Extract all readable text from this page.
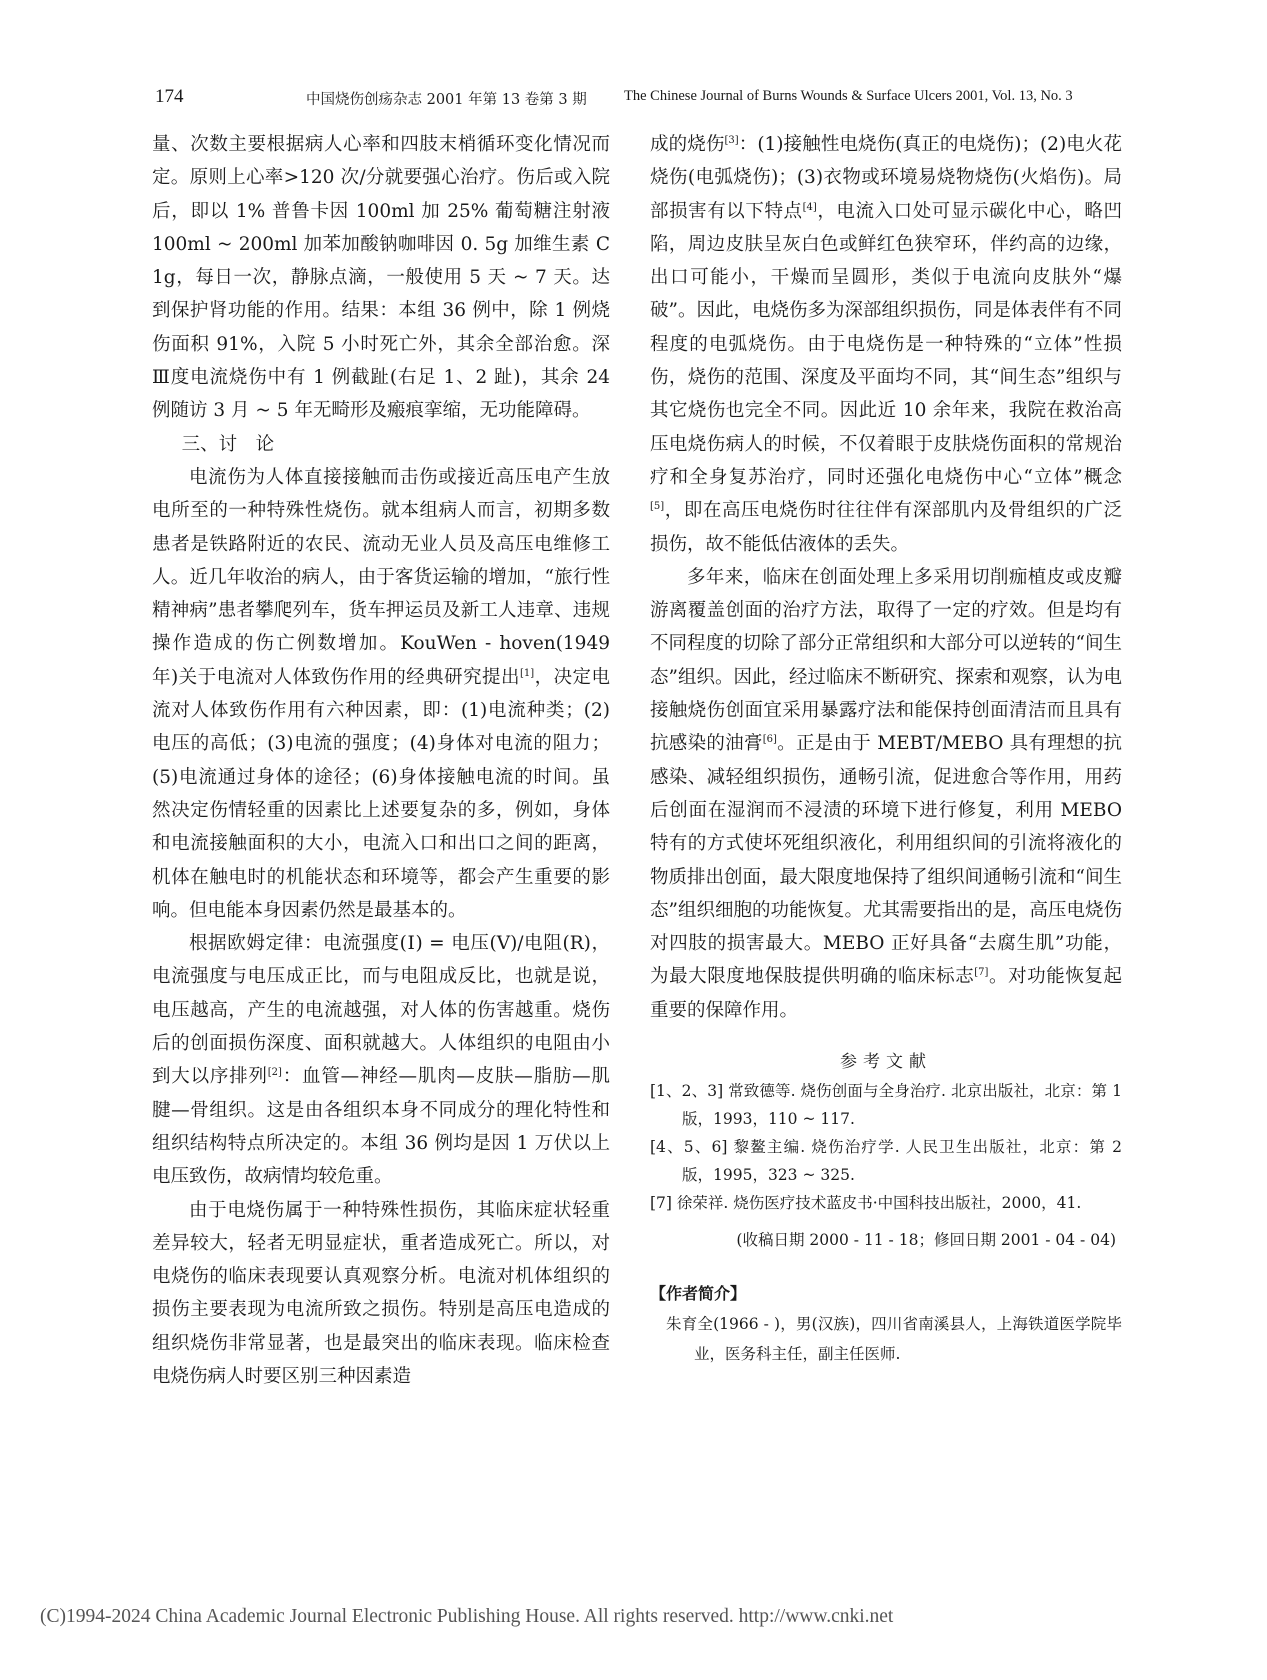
174	中国烧伤创疡杂志 2001 年第 13 卷第 3 期	The Chinese Journal of Burns Wounds & Surface Ulcers 2001, Vol. 13, No. 3

量、次数主要根据病人心率和四肢末梢循环变化情况而定。原则上心率>120 次/分就要强心治疗。伤后或入院后，即以 1% 普鲁卡因 100ml 加 25% 葡萄糖注射液 100ml ~ 200ml 加苯加酸钠咖啡因 0. 5g 加维生素 C 1g，每日一次，静脉点滴，一般使用 5 天 ~ 7 天。达到保护肾功能的作用。结果：本组 36 例中，除 1 例烧伤面积 91%，入院 5 小时死亡外，其余全部治愈。深Ⅲ度电流烧伤中有 1 例截趾(右足 1、2 趾)，其余 24 例随访 3 月 ~ 5 年无畸形及瘢痕挛缩，无功能障碍。

三、讨　论

电流伤为人体直接接触而击伤或接近高压电产生放电所至的一种特殊性烧伤。就本组病人而言，初期多数患者是铁路附近的农民、流动无业人员及高压电维修工人。近几年收治的病人，由于客货运输的增加，“旅行性精神病”患者攀爬列车，货车押运员及新工人违章、违规操作造成的伤亡例数增加。KouWen - hoven(1949 年)关于电流对人体致伤作用的经典研究提出[1]，决定电流对人体致伤作用有六种因素，即：(1)电流种类；(2)电压的高低；(3)电流的强度；(4)身体对电流的阻力；(5)电流通过身体的途径；(6)身体接触电流的时间。虽然决定伤情轻重的因素比上述要复杂的多，例如，身体和电流接触面积的大小，电流入口和出口之间的距离，机体在触电时的机能状态和环境等，都会产生重要的影响。但电能本身因素仍然是最基本的。

根据欧姆定律：电流强度(Ⅰ) = 电压(V)/电阻(R)，电流强度与电压成正比，而与电阻成反比，也就是说，电压越高，产生的电流越强，对人体的伤害越重。烧伤后的创面损伤深度、面积就越大。人体组织的电阻由小到大以序排列[2]：血管—神经—肌肉—皮肤—脂肪—肌腱—骨组织。这是由各组织本身不同成分的理化特性和组织结构特点所决定的。本组 36 例均是因 1 万伏以上电压致伤，故病情均较危重。

由于电烧伤属于一种特殊性损伤，其临床症状轻重差异较大，轻者无明显症状，重者造成死亡。所以，对电烧伤的临床表现要认真观察分析。电流对机体组织的损伤主要表现为电流所致之损伤。特别是高压电造成的组织烧伤非常显著，也是最突出的临床表现。临床检查电烧伤病人时要区别三种因素造

成的烧伤[3]：(1)接触性电烧伤(真正的电烧伤)；(2)电火花烧伤(电弧烧伤)；(3)衣物或环境易烧物烧伤(火焰伤)。局部损害有以下特点[4]，电流入口处可显示碳化中心，略凹陷，周边皮肤呈灰白色或鲜红色狭窄环，伴约高的边缘，出口可能小，干燥而呈圆形，类似于电流向皮肤外“爆破”。因此，电烧伤多为深部组织损伤，同是体表伴有不同程度的电弧烧伤。由于电烧伤是一种特殊的“立体”性损伤，烧伤的范围、深度及平面均不同，其“间生态”组织与其它烧伤也完全不同。因此近 10 余年来，我院在救治高压电烧伤病人的时候，不仅着眼于皮肤烧伤面积的常规治疗和全身复苏治疗，同时还强化电烧伤中心“立体”概念[5]，即在高压电烧伤时往往伴有深部肌内及骨组织的广泛损伤，故不能低估液体的丢失。

多年来，临床在创面处理上多采用切削痂植皮或皮瓣游离覆盖创面的治疗方法，取得了一定的疗效。但是均有不同程度的切除了部分正常组织和大部分可以逆转的“间生态”组织。因此，经过临床不断研究、探索和观察，认为电接触烧伤创面宜采用暴露疗法和能保持创面清洁而且具有抗感染的油膏[6]。正是由于 MEBT/MEBO 具有理想的抗感染、减轻组织损伤，通畅引流，促进愈合等作用，用药后创面在湿润而不浸渍的环境下进行修复，利用 MEBO 特有的方式使坏死组织液化，利用组织间的引流将液化的物质排出创面，最大限度地保持了组织间通畅引流和“间生态”组织细胞的功能恢复。尤其需要指出的是，高压电烧伤对四肢的损害最大。MEBO 正好具备“去腐生肌”功能，为最大限度地保肢提供明确的临床标志[7]。对功能恢复起重要的保障作用。

参考文献

[1、2、3] 常致德等. 烧伤创面与全身治疗. 北京出版社，北京：第 1 版，1993，110 ~ 117.

[4、5、6] 黎鳌主编. 烧伤治疗学. 人民卫生出版社，北京：第 2 版，1995，323 ~ 325.

[7] 徐荣祥. 烧伤医疗技术蓝皮书·中国科技出版社，2000，41.

(收稿日期 2000 - 11 - 18；修回日期 2001 - 04 - 04)
【作者简介】
朱育全(1966 - )，男(汉族)，四川省南溪县人，上海铁道医学院毕业，医务科主任，副主任医师.
(C)1994-2024 China Academic Journal Electronic Publishing House. All rights reserved. http://www.cnki.net
